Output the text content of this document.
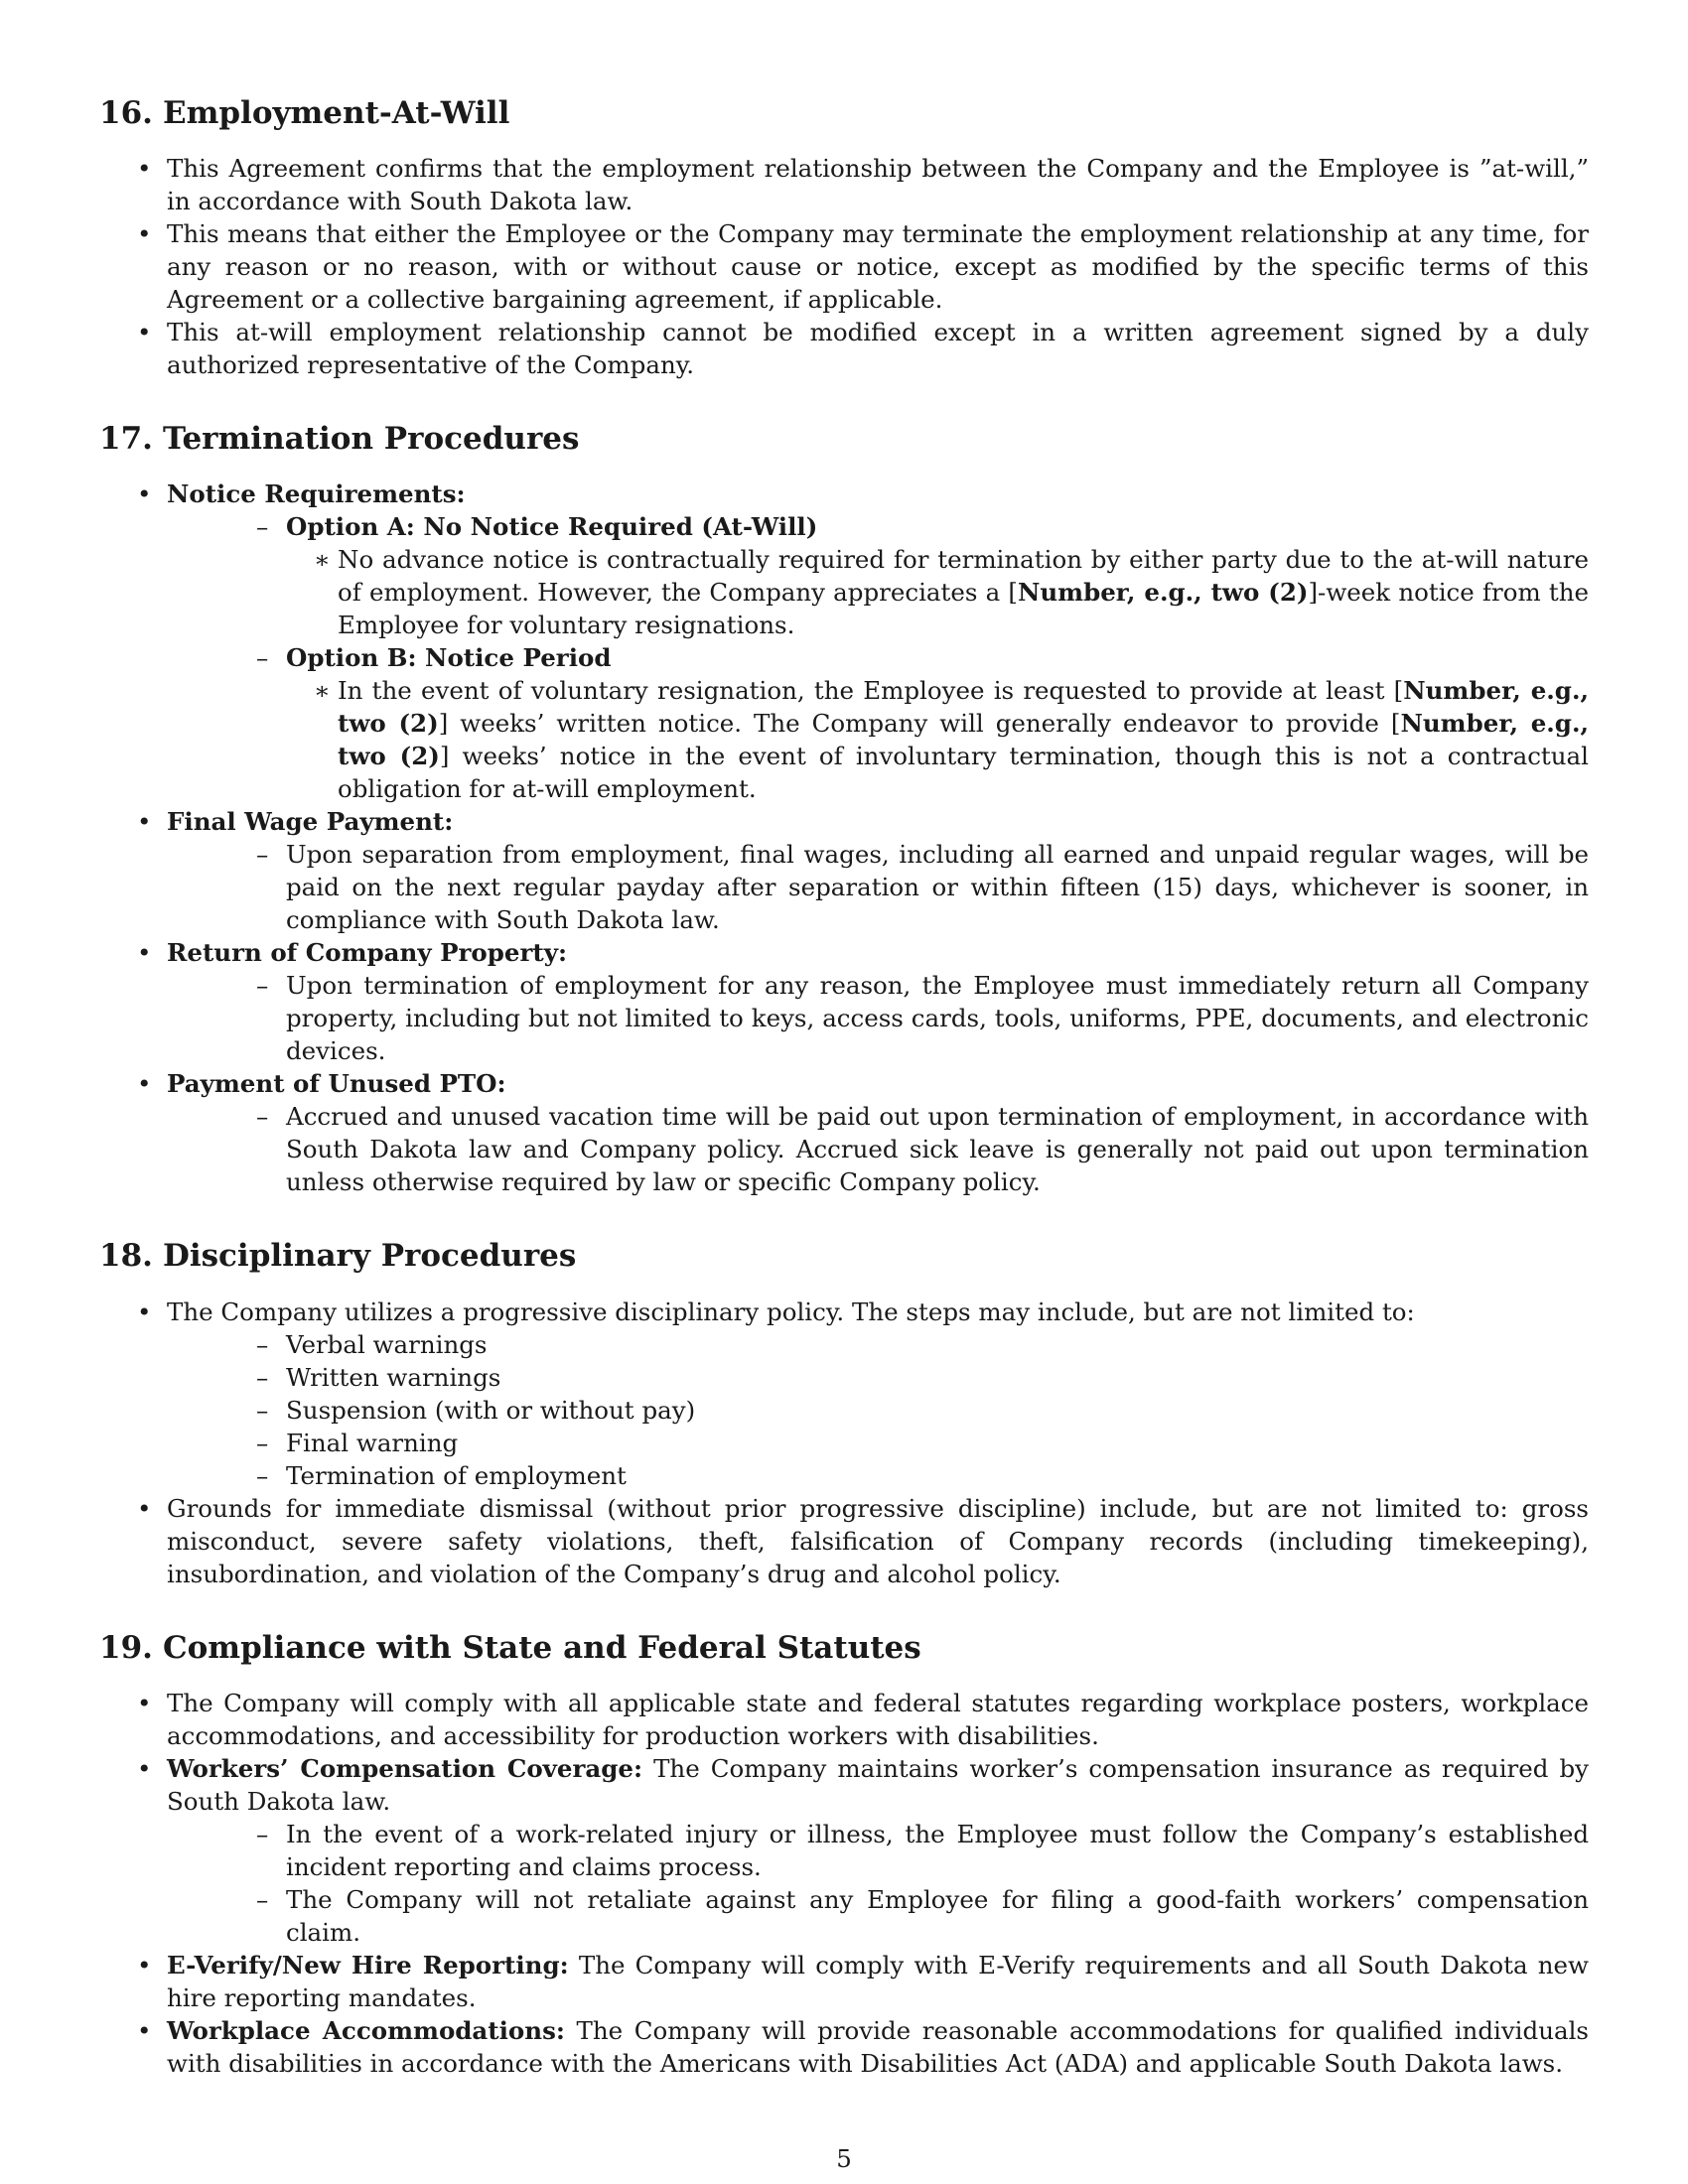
16. Employment-At-Will
• This Agreement confirms that the employment relationship between the Company and the Employee is ”at-will,” in accordance with South Dakota law.
• This means that either the Employee or the Company may terminate the employment relationship at any time, for any reason or no reason, with or without cause or notice, except as modified by the specific terms of this Agreement or a collective bargaining agreement, if applicable.
• This at-will employment relationship cannot be modified except in a written agreement signed by a duly authorized representative of the Company.
17. Termination Procedures
• Notice Requirements:
– Option A: No Notice Required (At-Will)
∗ No advance notice is contractually required for termination by either party due to the at-will nature of employment. However, the Company appreciates a [Number, e.g., two (2)]-week notice from the Employee for voluntary resignations.
– Option B: Notice Period
∗ In the event of voluntary resignation, the Employee is requested to provide at least [Number, e.g., two (2)] weeks’ written notice. The Company will generally endeavor to provide [Number, e.g., two (2)] weeks’ notice in the event of involuntary termination, though this is not a contractual obligation for at-will employment.
• Final Wage Payment:
– Upon separation from employment, final wages, including all earned and unpaid regular wages, will be paid on the next regular payday after separation or within fifteen (15) days, whichever is sooner, in compliance with South Dakota law.
• Return of Company Property:
– Upon termination of employment for any reason, the Employee must immediately return all Company property, including but not limited to keys, access cards, tools, uniforms, PPE, documents, and electronic devices.
• Payment of Unused PTO:
– Accrued and unused vacation time will be paid out upon termination of employment, in accordance with South Dakota law and Company policy. Accrued sick leave is generally not paid out upon termination unless otherwise required by law or specific Company policy.
18. Disciplinary Procedures
• The Company utilizes a progressive disciplinary policy. The steps may include, but are not limited to:
– Verbal warnings
– Written warnings
– Suspension (with or without pay)
– Final warning
– Termination of employment
• Grounds for immediate dismissal (without prior progressive discipline) include, but are not limited to: gross misconduct, severe safety violations, theft, falsification of Company records (including timekeeping), insubordination, and violation of the Company’s drug and alcohol policy.
19. Compliance with State and Federal Statutes
• The Company will comply with all applicable state and federal statutes regarding workplace posters, workplace accommodations, and accessibility for production workers with disabilities.
• Workers’ Compensation Coverage: The Company maintains worker’s compensation insurance as required by South Dakota law.
– In the event of a work-related injury or illness, the Employee must follow the Company’s established incident reporting and claims process.
– The Company will not retaliate against any Employee for filing a good-faith workers’ compensation claim.
• E-Verify/New Hire Reporting: The Company will comply with E-Verify requirements and all South Dakota new hire reporting mandates.
• Workplace Accommodations: The Company will provide reasonable accommodations for qualified individuals with disabilities in accordance with the Americans with Disabilities Act (ADA) and applicable South Dakota laws.
5
